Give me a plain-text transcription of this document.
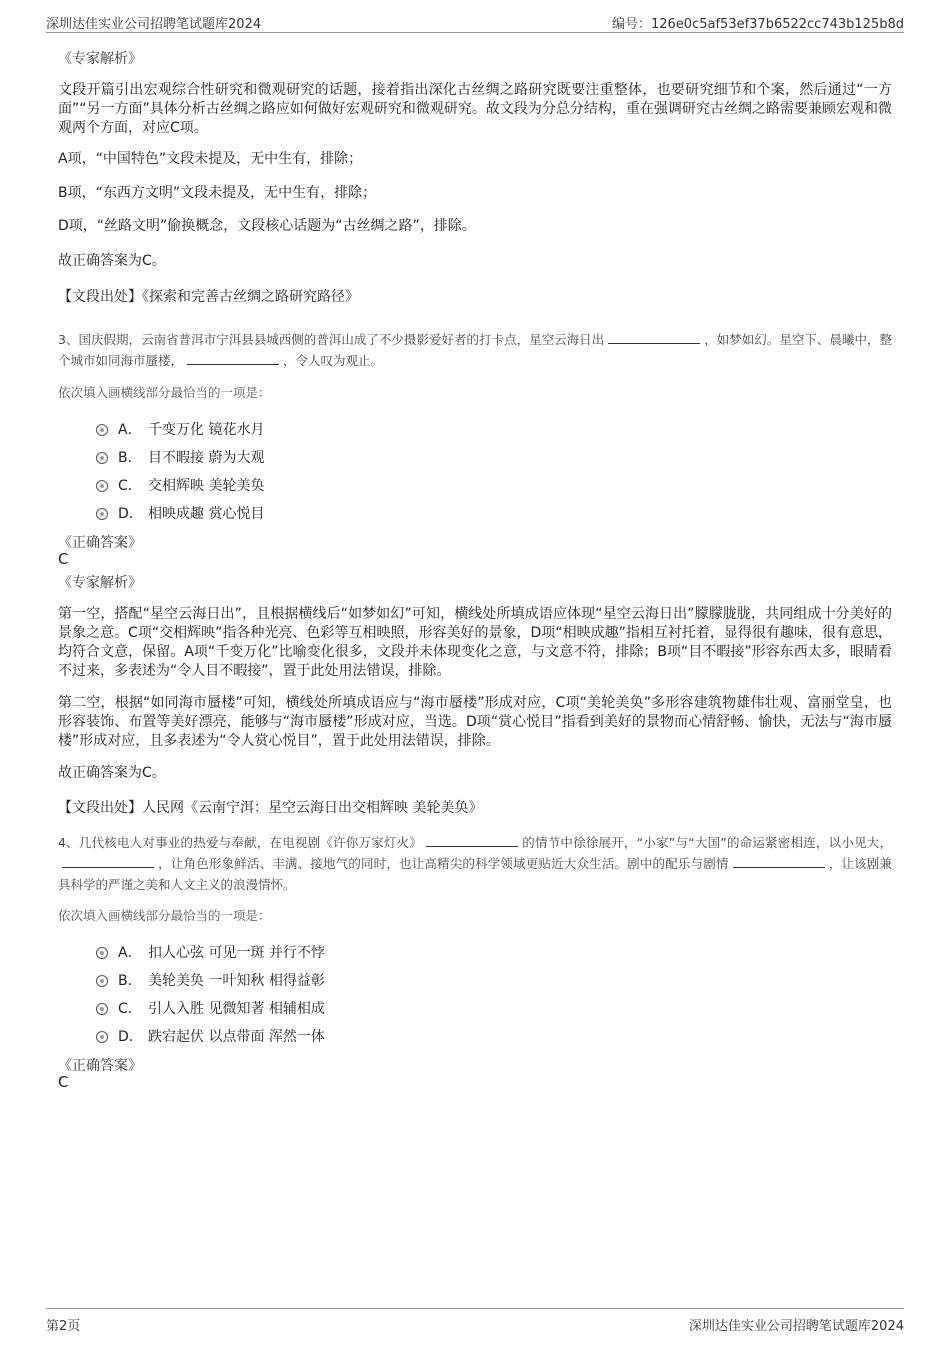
深圳达佳实业公司招聘笔试题库2024	编号：126e0c5af53ef37b6522cc743b125b8d
《专家解析》
文段开篇引出宏观综合性研究和微观研究的话题，接着指出深化古丝绸之路研究既要注重整体，也要研究细节和个案，然后通过“一方面”“另一方面”具体分析古丝绸之路应如何做好宏观研究和微观研究。故文段为分总分结构，重在强调研究古丝绸之路需要兼顾宏观和微观两个方面，对应C项。
A项，“中国特色”文段未提及，无中生有，排除；
B项，“东西方文明”文段未提及，无中生有，排除；
D项，“丝路文明”偷换概念，文段核心话题为“古丝绸之路”，排除。
故正确答案为C。
【文段出处】《探索和完善古丝绸之路研究路径》
3、国庆假期，云南省普洱市宁洱县县城西侧的普洱山成了不少摄影爱好者的打卡点，星空云海日出	，如梦如幻。星空下、晨曦中，整个城市如同海市蜃楼，	，令人叹为观止。
依次填入画横线部分最恰当的一项是：
A． 千变万化 镜花水月
B． 目不暇接 蔚为大观
C． 交相辉映 美轮美奂
D． 相映成趣 赏心悦目
《正确答案》
C
《专家解析》
第一空，搭配“星空云海日出”，且根据横线后“如梦如幻”可知，横线处所填成语应体现“星空云海日出”朦朦胧胧，共同组成十分美好的景象之意。C项“交相辉映”指各种光亮、色彩等互相映照，形容美好的景象，D项“相映成趣”指相互衬托着，显得很有趣味，很有意思，均符合文意，保留。A项“千变万化”比喻变化很多，文段并未体现变化之意，与文意不符，排除；B项“目不暇接”形容东西太多，眼睛看不过来，多表述为“令人目不暇接”，置于此处用法错误，排除。
第二空，根据“如同海市蜃楼”可知，横线处所填成语应与“海市蜃楼”形成对应，C项“美轮美奂”多形容建筑物雄伟壮观、富丽堂皇，也形容装饰、布置等美好漂亮，能够与“海市蜃楼”形成对应，当选。D项“赏心悦目”指看到美好的景物而心情舒畅、愉快，无法与“海市蜃楼”形成对应，且多表述为“令人赏心悦目”，置于此处用法错误，排除。
故正确答案为C。
【文段出处】人民网《云南宁洱：星空云海日出交相辉映 美轮美奂》
4、几代核电人对事业的热爱与奉献，在电视剧《许你万家灯火》	的情节中徐徐展开，“小家”与“大国”的命运紧密相连，以小见大，，让角色形象鲜活、丰满、接地气的同时，也让高精尖的科学领域更贴近大众生活。剧中的配乐与剧情	，让该剧兼具科学的严谨之美和人文主义的浪漫情怀。
依次填入画横线部分最恰当的一项是：
A． 扣人心弦 可见一斑 并行不悖
B． 美轮美奂 一叶知秋 相得益彰
C． 引人入胜 见微知著 相辅相成
D． 跌宕起伏 以点带面 浑然一体
《正确答案》
C
第2页	深圳达佳实业公司招聘笔试题库2024
